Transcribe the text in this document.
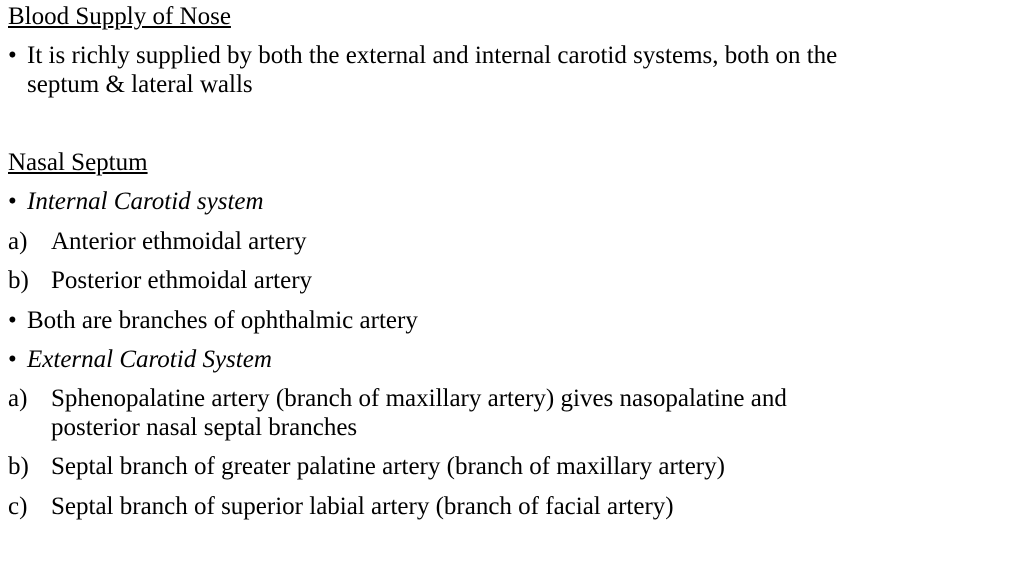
Blood Supply of Nose
• It is richly supplied by both the external and internal carotid systems, both on the
septum & lateral walls
Nasal Septum
• Internal Carotid system
a) Anterior ethmoidal artery
b) Posterior ethmoidal artery
• Both are branches of ophthalmic artery
• External Carotid System
a) Sphenopalatine artery (branch of maxillary artery) gives nasopalatine and
posterior nasal septal branches
b) Septal branch of greater palatine artery (branch of maxillary artery)
c) Septal branch of superior labial artery (branch of facial artery)
